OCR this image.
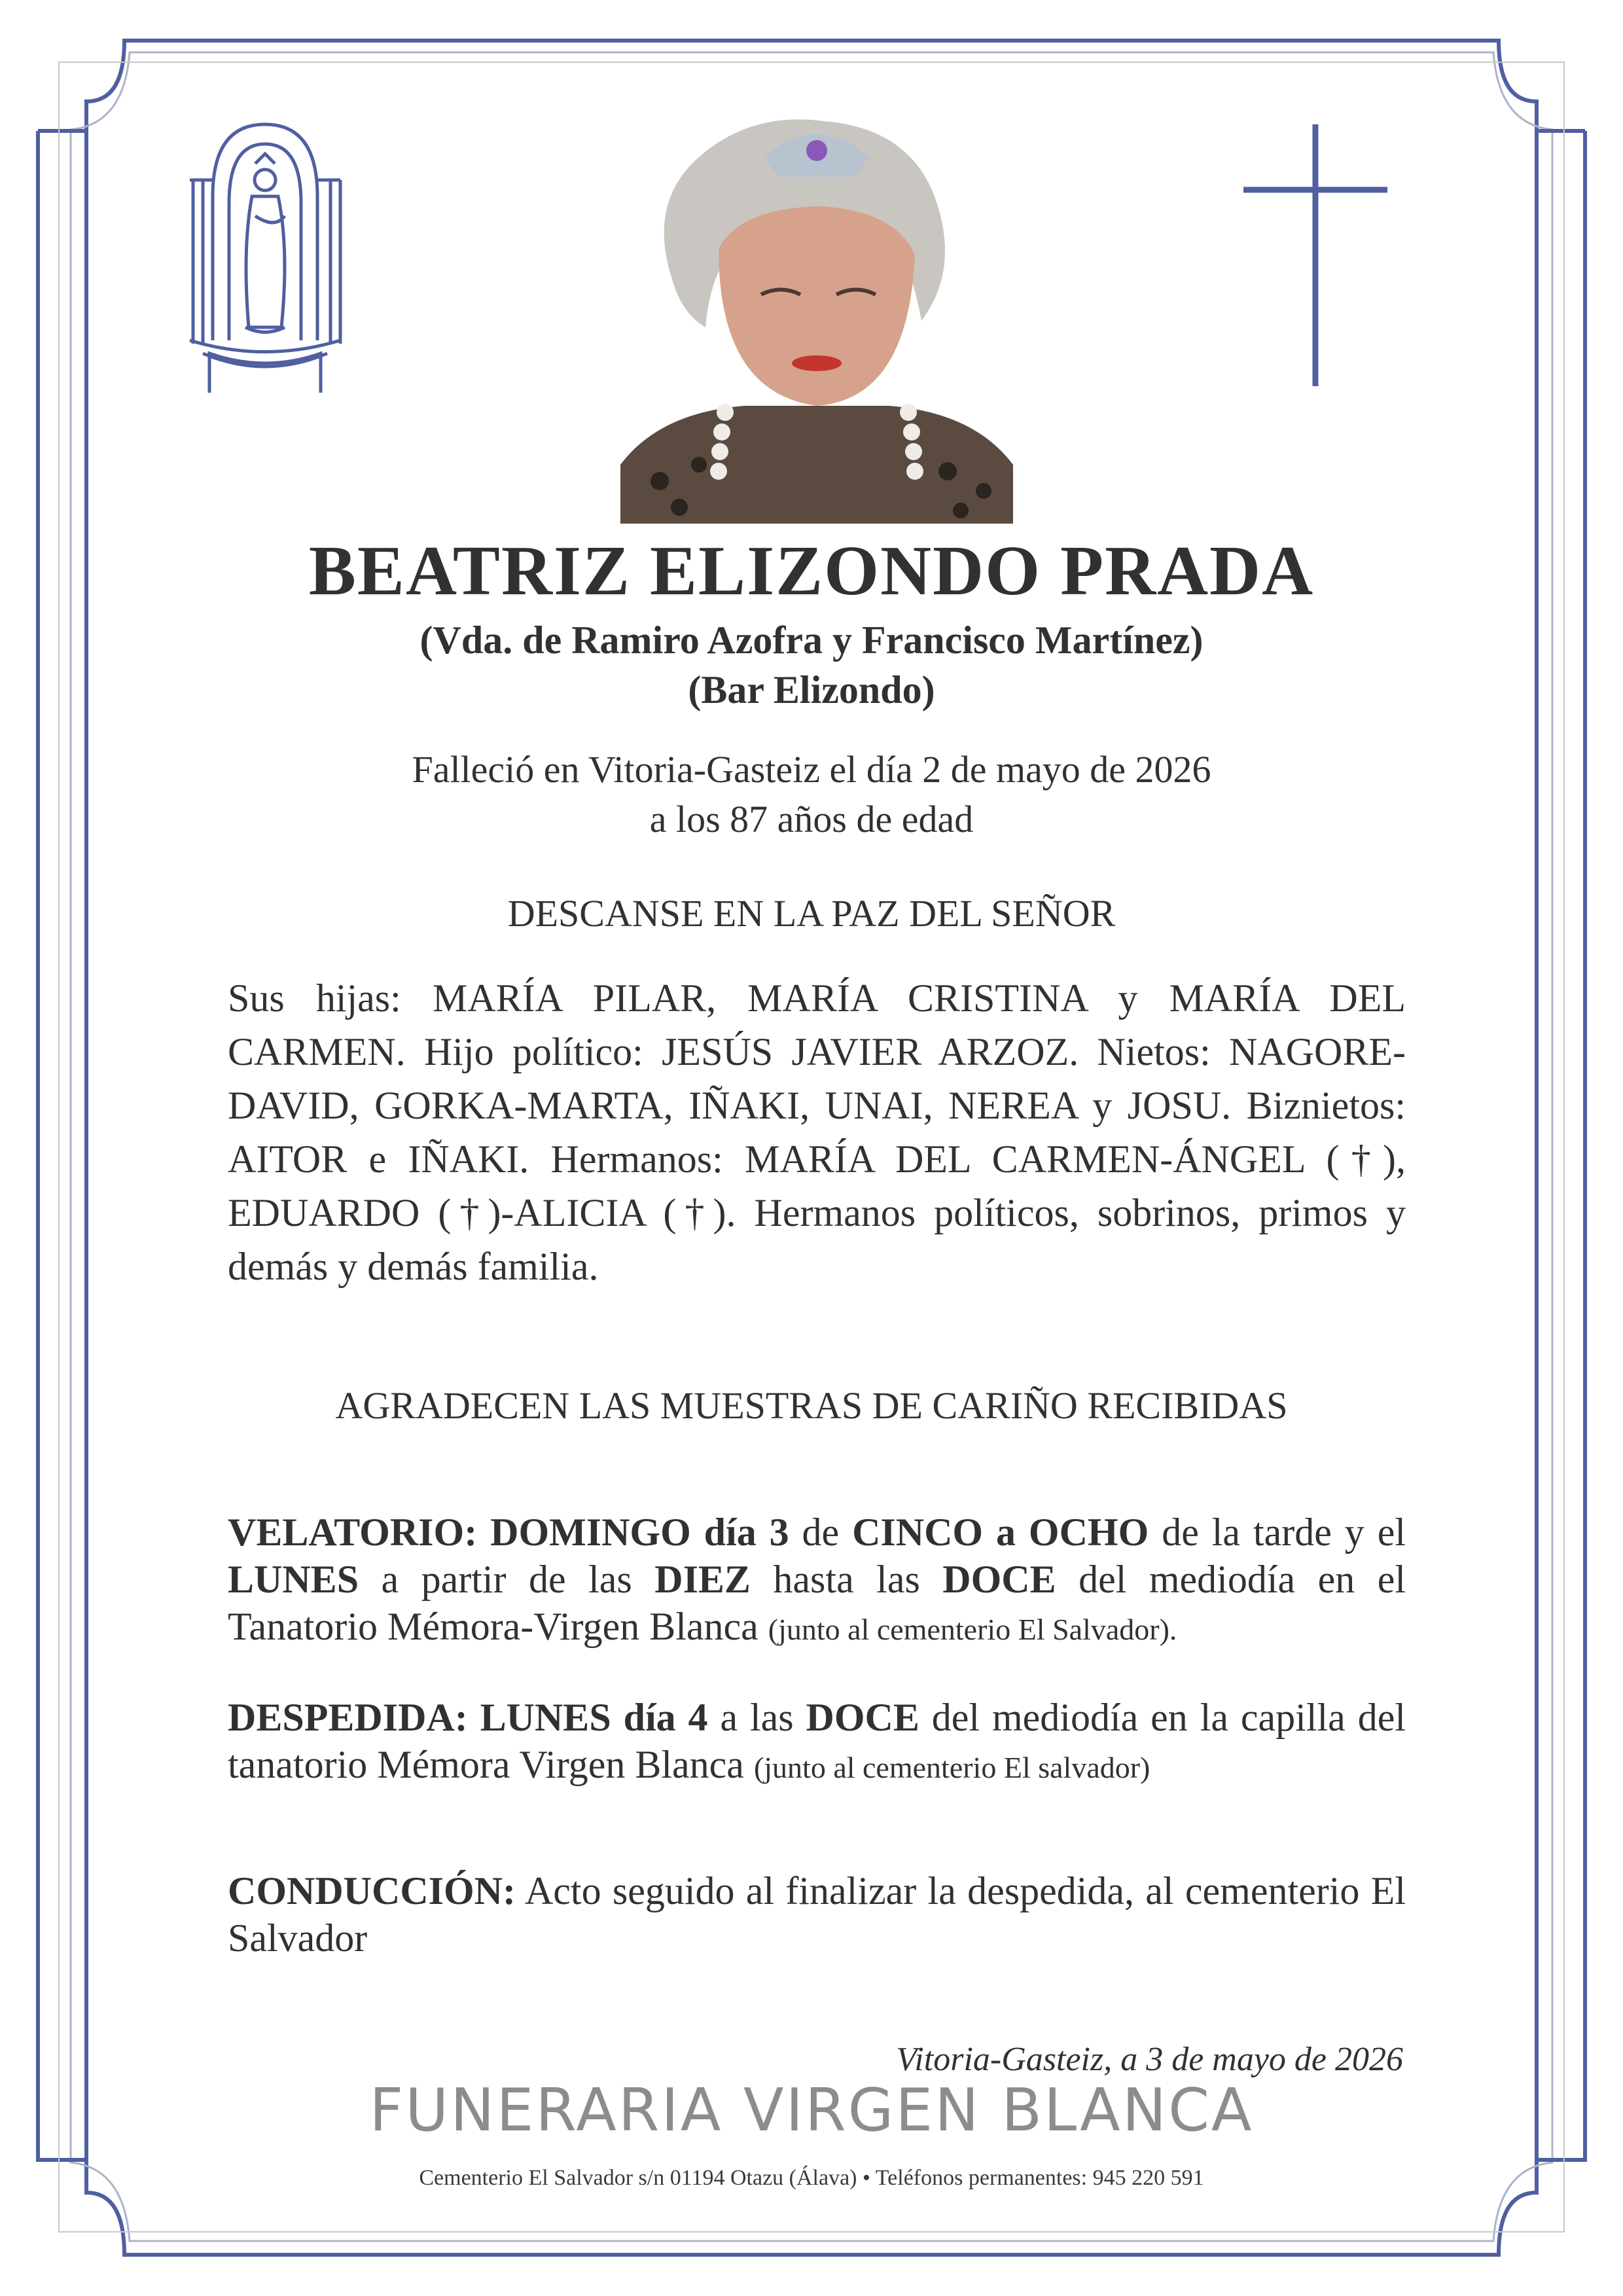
BEATRIZ ELIZONDO PRADA
(Vda. de Ramiro Azofra y Francisco Martínez)
(Bar Elizondo)
Falleció en Vitoria-Gasteiz el día 2 de mayo de 2026
a los 87 años de edad
DESCANSE EN LA PAZ DEL SEÑOR
Sus hijas: MARÍA PILAR, MARÍA CRISTINA y MARÍA DEL CARMEN. Hijo político: JESÚS JAVIER ARZOZ. Nietos: NAGORE-DAVID, GORKA-MARTA, IÑAKI, UNAI, NEREA y JOSU. Biznietos: AITOR e IÑAKI. Hermanos: MARÍA DEL CARMEN-ÁNGEL (†), EDUARDO (†)-ALICIA (†). Hermanos políticos, sobrinos, primos y demás y demás familia.
AGRADECEN LAS MUESTRAS DE CARIÑO RECIBIDAS
VELATORIO: DOMINGO día 3 de CINCO a OCHO de la tarde y el LUNES a partir de las DIEZ hasta las DOCE del mediodía en el Tanatorio Mémora-Virgen Blanca (junto al cementerio El Salvador).
DESPEDIDA: LUNES día 4 a las DOCE del mediodía en la capilla del tanatorio Mémora Virgen Blanca (junto al cementerio El salvador)
CONDUCCIÓN: Acto seguido al finalizar la despedida, al cementerio El Salvador
Vitoria-Gasteiz, a 3 de mayo de 2026
FUNERARIA VIRGEN BLANCA
Cementerio El Salvador s/n 01194 Otazu (Álava) • Teléfonos permanentes: 945 220 591
